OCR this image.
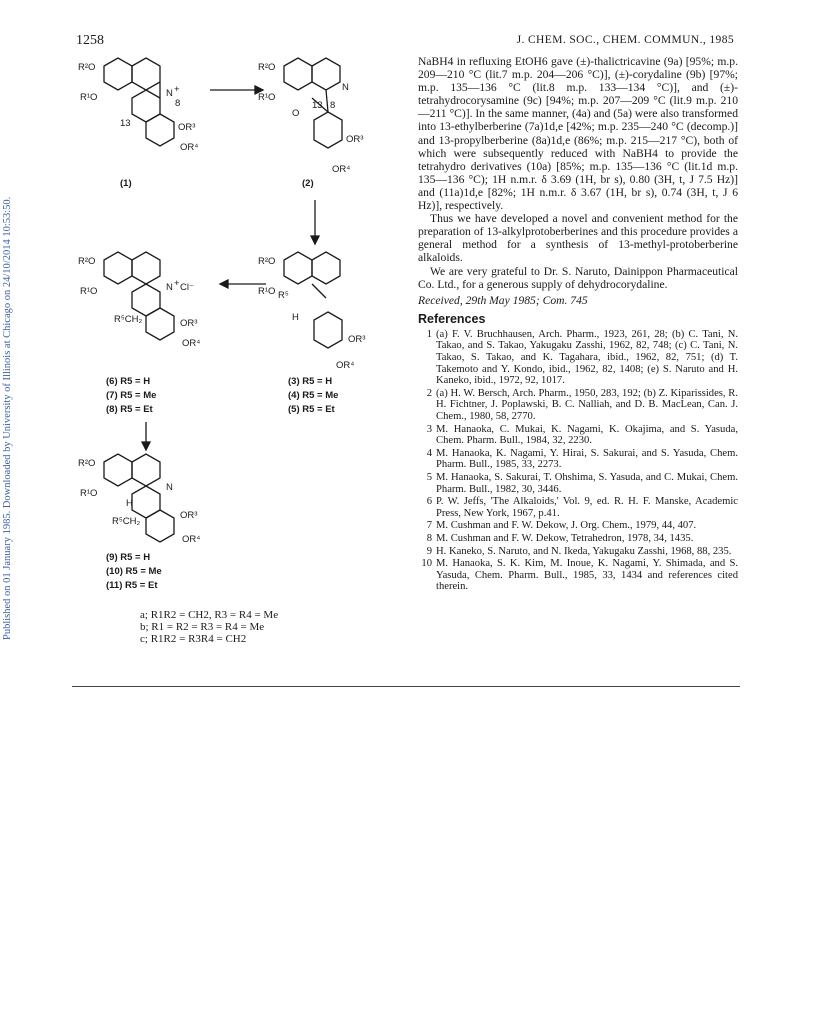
1258	J. CHEM. SOC., CHEM. COMMUN., 1985
Published on 01 January 1985. Downloaded by University of Illinois at Chicago on 24/10/2014 10:53:50.
R²O
R¹O	N +
8
13	OR³
OR⁴
(1)
R²O
R¹O
N
O
13 8
OR³
OR⁴
(2)
R²O
R¹O R⁵
H
OR³
OR⁴
(3) R5 = H
(4) R5 = Me
(5) R5 = Et
R²O
R¹O	N + Cl⁻
R⁵CH₂	OR³
OR⁴
(6) R5 = H
(7) R5 = Me
(8) R5 = Et
R²O
R¹O
N
H
R⁵CH₂
OR³
OR⁴
(9) R5 = H
(10) R5 = Me
(11) R5 = Et
a; R1R2 = CH2, R3 = R4 = Me
b; R1 = R2 = R3 = R4 = Me
c; R1R2 = R3R4 = CH2

NaBH4 in refluxing EtOH6 gave (±)-thalictricavine (9a) [95%; m.p. 209—210 °C (lit.7 m.p. 204—206 °C)], (±)-corydaline (9b) [97%; m.p. 135—136 °C (lit.8 m.p. 133—134 °C)], and (±)-tetrahydrocorysamine (9c) [94%; m.p. 207—209 °C (lit.9 m.p. 210—211 °C)]. In the same manner, (4a) and (5a) were also transformed into 13-ethylberberine (7a)1d,e [42%; m.p. 235—240 °C (decomp.)] and 13-propylberberine (8a)1d,e (86%; m.p. 215—217 °C), both of which were subsequently reduced with NaBH4 to provide the tetrahydro derivatives (10a) [85%; m.p. 135—136 °C (lit.1d m.p. 135—136 °C); 1H n.m.r. δ 3.69 (1H, br s), 0.80 (3H, t, J 7.5 Hz)] and (11a)1d,e [82%; 1H n.m.r. δ 3.67 (1H, br s), 0.74 (3H, t, J 6 Hz)], respectively.

Thus we have developed a novel and convenient method for the preparation of 13-alkylprotoberberines and this procedure provides a general method for a synthesis of 13-methyl-protoberberine alkaloids.

We are very grateful to Dr. S. Naruto, Dainippon Pharmaceutical Co. Ltd., for a generous supply of dehydrocorydaline.

Received, 29th May 1985; Com. 745

References
1 (a) F. V. Bruchhausen, Arch. Pharm., 1923, 261, 28; (b) C. Tani, N. Takao, and S. Takao, Yakugaku Zasshi, 1962, 82, 748; (c) C. Tani, N. Takao, S. Takao, and K. Tagahara, ibid., 1962, 82, 751; (d) T. Takemoto and Y. Kondo, ibid., 1962, 82, 1408; (e) S. Naruto and H. Kaneko, ibid., 1972, 92, 1017.
2 (a) H. W. Bersch, Arch. Pharm., 1950, 283, 192; (b) Z. Kiparissides, R. H. Fichtner, J. Poplawski, B. C. Nalliah, and D. B. MacLean, Can. J. Chem., 1980, 58, 2770.
3 M. Hanaoka, C. Mukai, K. Nagami, K. Okajima, and S. Yasuda, Chem. Pharm. Bull., 1984, 32, 2230.
4 M. Hanaoka, K. Nagami, Y. Hirai, S. Sakurai, and S. Yasuda, Chem. Pharm. Bull., 1985, 33, 2273.
5 M. Hanaoka, S. Sakurai, T. Ohshima, S. Yasuda, and C. Mukai, Chem. Pharm. Bull., 1982, 30, 3446.
6 P. W. Jeffs, 'The Alkaloids,' Vol. 9, ed. R. H. F. Manske, Academic Press, New York, 1967, p.41.
7 M. Cushman and F. W. Dekow, J. Org. Chem., 1979, 44, 407.
8 M. Cushman and F. W. Dekow, Tetrahedron, 1978, 34, 1435.
9 H. Kaneko, S. Naruto, and N. Ikeda, Yakugaku Zasshi, 1968, 88, 235.
10 M. Hanaoka, S. K. Kim, M. Inoue, K. Nagami, Y. Shimada, and S. Yasuda, Chem. Pharm. Bull., 1985, 33, 1434 and references cited therein.
